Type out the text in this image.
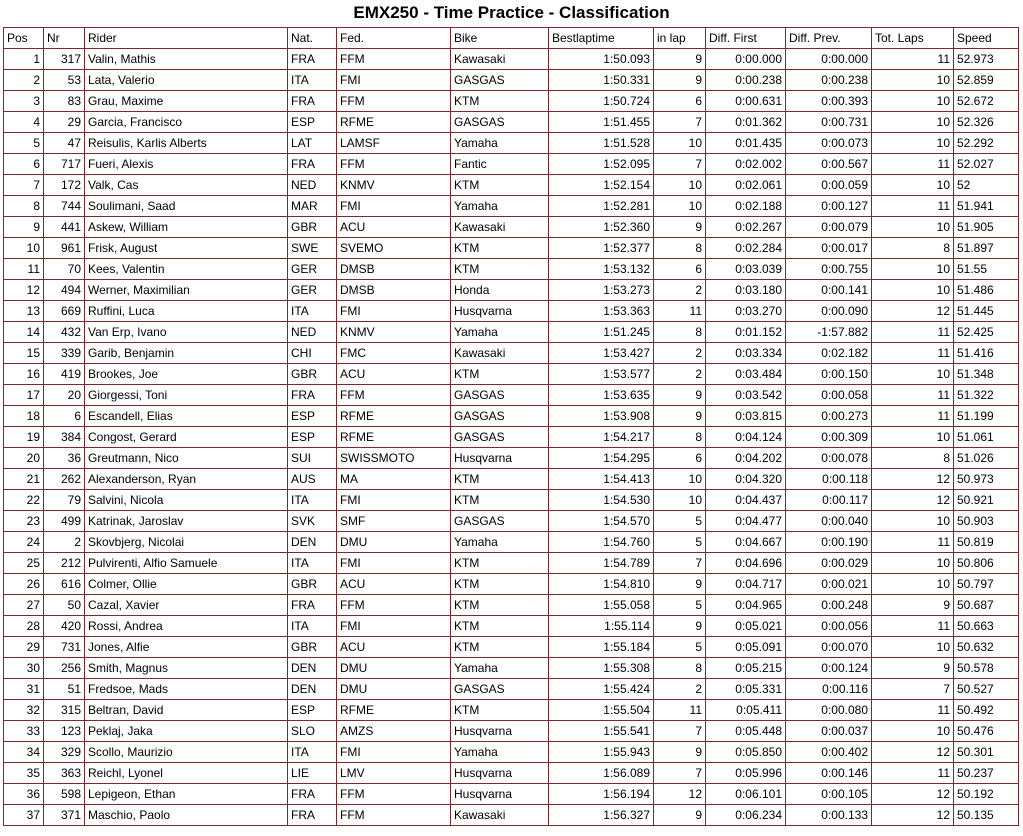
EMX250 - Time Practice - Classification
Pos	Nr	Rider	Nat.	Fed.	Bike	Bestlaptime	in lap	Diff. First	Diff. Prev.	Tot. Laps	Speed
1	317	Valin, Mathis	FRA	FFM	Kawasaki	1:50.093	9	0:00.000	0:00.000	11	52.973
2	53	Lata, Valerio	ITA	FMI	GASGAS	1:50.331	9	0:00.238	0:00.238	10	52.859
3	83	Grau, Maxime	FRA	FFM	KTM	1:50.724	6	0:00.631	0:00.393	10	52.672
4	29	Garcia, Francisco	ESP	RFME	GASGAS	1:51.455	7	0:01.362	0:00.731	10	52.326
5	47	Reisulis, Karlis Alberts	LAT	LAMSF	Yamaha	1:51.528	10	0:01.435	0:00.073	10	52.292
6	717	Fueri, Alexis	FRA	FFM	Fantic	1:52.095	7	0:02.002	0:00.567	11	52.027
7	172	Valk, Cas	NED	KNMV	KTM	1:52.154	10	0:02.061	0:00.059	10	52
8	744	Soulimani, Saad	MAR	FMI	Yamaha	1:52.281	10	0:02.188	0:00.127	11	51.941
9	441	Askew, William	GBR	ACU	Kawasaki	1:52.360	9	0:02.267	0:00.079	10	51.905
10	961	Frisk, August	SWE	SVEMO	KTM	1:52.377	8	0:02.284	0:00.017	8	51.897
11	70	Kees, Valentin	GER	DMSB	KTM	1:53.132	6	0:03.039	0:00.755	10	51.55
12	494	Werner, Maximilian	GER	DMSB	Honda	1:53.273	2	0:03.180	0:00.141	10	51.486
13	669	Ruffini, Luca	ITA	FMI	Husqvarna	1:53.363	11	0:03.270	0:00.090	12	51.445
14	432	Van Erp, Ivano	NED	KNMV	Yamaha	1:51.245	8	0:01.152	-1:57.882	11	52.425
15	339	Garib, Benjamin	CHI	FMC	Kawasaki	1:53.427	2	0:03.334	0:02.182	11	51.416
16	419	Brookes, Joe	GBR	ACU	KTM	1:53.577	2	0:03.484	0:00.150	10	51.348
17	20	Giorgessi, Toni	FRA	FFM	GASGAS	1:53.635	9	0:03.542	0:00.058	11	51.322
18	6	Escandell, Elias	ESP	RFME	GASGAS	1:53.908	9	0:03.815	0:00.273	11	51.199
19	384	Congost, Gerard	ESP	RFME	GASGAS	1:54.217	8	0:04.124	0:00.309	10	51.061
20	36	Greutmann, Nico	SUI	SWISSMOTO	Husqvarna	1:54.295	6	0:04.202	0:00.078	8	51.026
21	262	Alexanderson, Ryan	AUS	MA	KTM	1:54.413	10	0:04.320	0:00.118	12	50.973
22	79	Salvini, Nicola	ITA	FMI	KTM	1:54.530	10	0:04.437	0:00.117	12	50.921
23	499	Katrinak, Jaroslav	SVK	SMF	GASGAS	1:54.570	5	0:04.477	0:00.040	10	50.903
24	2	Skovbjerg, Nicolai	DEN	DMU	Yamaha	1:54.760	5	0:04.667	0:00.190	11	50.819
25	212	Pulvirenti, Alfio Samuele	ITA	FMI	KTM	1:54.789	7	0:04.696	0:00.029	10	50.806
26	616	Colmer, Ollie	GBR	ACU	KTM	1:54.810	9	0:04.717	0:00.021	10	50.797
27	50	Cazal, Xavier	FRA	FFM	KTM	1:55.058	5	0:04.965	0:00.248	9	50.687
28	420	Rossi, Andrea	ITA	FMI	KTM	1:55.114	9	0:05.021	0:00.056	11	50.663
29	731	Jones, Alfie	GBR	ACU	KTM	1:55.184	5	0:05.091	0:00.070	10	50.632
30	256	Smith, Magnus	DEN	DMU	Yamaha	1:55.308	8	0:05.215	0:00.124	9	50.578
31	51	Fredsoe, Mads	DEN	DMU	GASGAS	1:55.424	2	0:05.331	0:00.116	7	50.527
32	315	Beltran, David	ESP	RFME	KTM	1:55.504	11	0:05.411	0:00.080	11	50.492
33	123	Peklaj, Jaka	SLO	AMZS	Husqvarna	1:55.541	7	0:05.448	0:00.037	10	50.476
34	329	Scollo, Maurizio	ITA	FMI	Yamaha	1:55.943	9	0:05.850	0:00.402	12	50.301
35	363	Reichl, Lyonel	LIE	LMV	Husqvarna	1:56.089	7	0:05.996	0:00.146	11	50.237
36	598	Lepigeon, Ethan	FRA	FFM	Husqvarna	1:56.194	12	0:06.101	0:00.105	12	50.192
37	371	Maschio, Paolo	FRA	FFM	Kawasaki	1:56.327	9	0:06.234	0:00.133	12	50.135
